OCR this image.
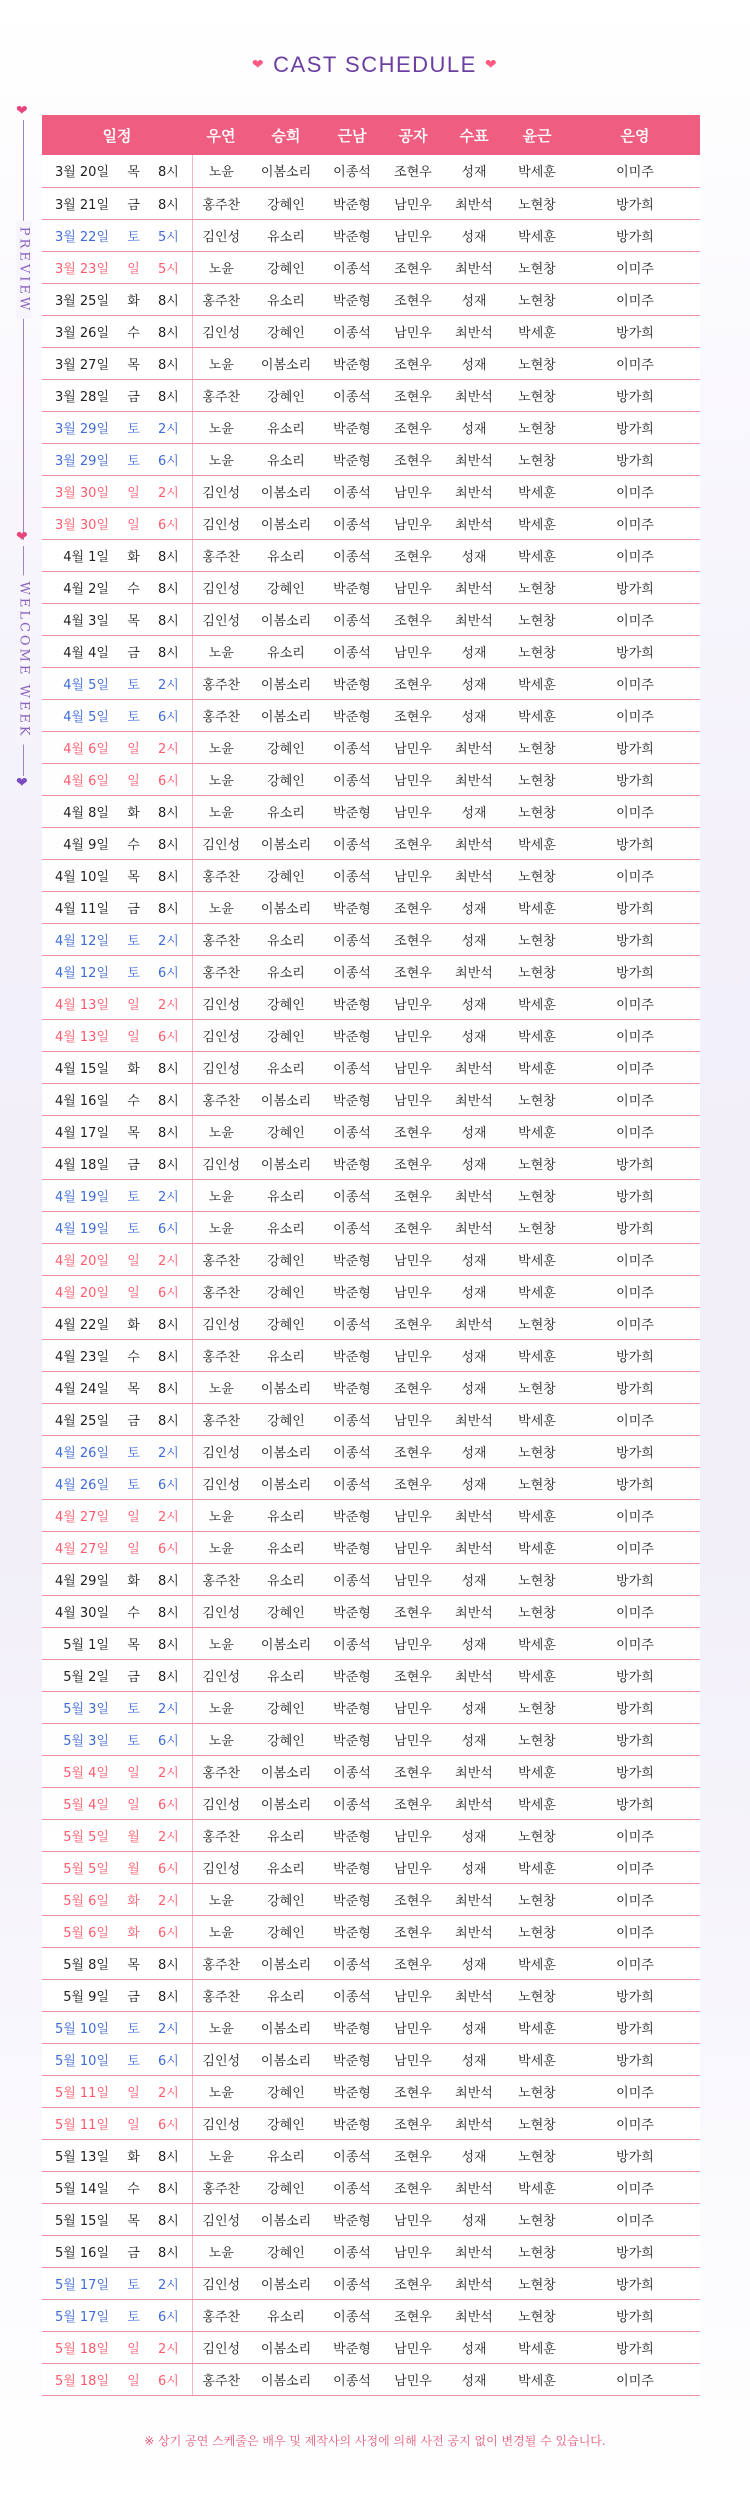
❤ CAST SCHEDULE ❤
❤
PREVIEW
❤
WELCOME WEEK
❤
일정			우연	승희	근남	공자	수표	윤근	은영
3월 20일	목	8시	노윤	이봄소리	이종석	조현우	성재	박세훈	이미주
3월 21일	금	8시	홍주찬	강혜인	박준형	남민우	최반석	노현창	방가희
3월 22일	토	5시	김인성	유소리	박준형	남민우	성재	박세훈	방가희
3월 23일	일	5시	노윤	강혜인	이종석	조현우	최반석	노현창	이미주
3월 25일	화	8시	홍주찬	유소리	박준형	조현우	성재	노현창	이미주
3월 26일	수	8시	김인성	강혜인	이종석	남민우	최반석	박세훈	방가희
3월 27일	목	8시	노윤	이봄소리	박준형	조현우	성재	노현창	이미주
3월 28일	금	8시	홍주찬	강혜인	이종석	조현우	최반석	노현창	방가희
3월 29일	토	2시	노윤	유소리	박준형	조현우	성재	노현창	방가희
3월 29일	토	6시	노윤	유소리	박준형	조현우	최반석	노현창	방가희
3월 30일	일	2시	김인성	이봄소리	이종석	남민우	최반석	박세훈	이미주
3월 30일	일	6시	김인성	이봄소리	이종석	남민우	최반석	박세훈	이미주
4월 1일	화	8시	홍주찬	유소리	이종석	조현우	성재	박세훈	이미주
4월 2일	수	8시	김인성	강혜인	박준형	남민우	최반석	노현창	방가희
4월 3일	목	8시	김인성	이봄소리	이종석	조현우	최반석	노현창	이미주
4월 4일	금	8시	노윤	유소리	이종석	남민우	성재	노현창	방가희
4월 5일	토	2시	홍주찬	이봄소리	박준형	조현우	성재	박세훈	이미주
4월 5일	토	6시	홍주찬	이봄소리	박준형	조현우	성재	박세훈	이미주
4월 6일	일	2시	노윤	강혜인	이종석	남민우	최반석	노현창	방가희
4월 6일	일	6시	노윤	강혜인	이종석	남민우	최반석	노현창	방가희
4월 8일	화	8시	노윤	유소리	박준형	남민우	성재	노현창	이미주
4월 9일	수	8시	김인성	이봄소리	이종석	조현우	최반석	박세훈	방가희
4월 10일	목	8시	홍주찬	강혜인	이종석	남민우	최반석	노현창	이미주
4월 11일	금	8시	노윤	이봄소리	박준형	조현우	성재	박세훈	방가희
4월 12일	토	2시	홍주찬	유소리	이종석	조현우	성재	노현창	방가희
4월 12일	토	6시	홍주찬	유소리	이종석	조현우	최반석	노현창	방가희
4월 13일	일	2시	김인성	강혜인	박준형	남민우	성재	박세훈	이미주
4월 13일	일	6시	김인성	강혜인	박준형	남민우	성재	박세훈	이미주
4월 15일	화	8시	김인성	유소리	이종석	남민우	최반석	박세훈	이미주
4월 16일	수	8시	홍주찬	이봄소리	박준형	남민우	최반석	노현창	이미주
4월 17일	목	8시	노윤	강혜인	이종석	조현우	성재	박세훈	이미주
4월 18일	금	8시	김인성	이봄소리	박준형	조현우	성재	노현창	방가희
4월 19일	토	2시	노윤	유소리	이종석	조현우	최반석	노현창	방가희
4월 19일	토	6시	노윤	유소리	이종석	조현우	최반석	노현창	방가희
4월 20일	일	2시	홍주찬	강혜인	박준형	남민우	성재	박세훈	이미주
4월 20일	일	6시	홍주찬	강혜인	박준형	남민우	성재	박세훈	이미주
4월 22일	화	8시	김인성	강혜인	이종석	조현우	최반석	노현창	이미주
4월 23일	수	8시	홍주찬	유소리	박준형	남민우	성재	박세훈	방가희
4월 24일	목	8시	노윤	이봄소리	박준형	조현우	성재	노현창	방가희
4월 25일	금	8시	홍주찬	강혜인	이종석	남민우	최반석	박세훈	이미주
4월 26일	토	2시	김인성	이봄소리	이종석	조현우	성재	노현창	방가희
4월 26일	토	6시	김인성	이봄소리	이종석	조현우	성재	노현창	방가희
4월 27일	일	2시	노윤	유소리	박준형	남민우	최반석	박세훈	이미주
4월 27일	일	6시	노윤	유소리	박준형	남민우	최반석	박세훈	이미주
4월 29일	화	8시	홍주찬	유소리	이종석	남민우	성재	노현창	방가희
4월 30일	수	8시	김인성	강혜인	박준형	조현우	최반석	노현창	이미주
5월 1일	목	8시	노윤	이봄소리	이종석	남민우	성재	박세훈	이미주
5월 2일	금	8시	김인성	유소리	박준형	조현우	최반석	박세훈	방가희
5월 3일	토	2시	노윤	강혜인	박준형	남민우	성재	노현창	방가희
5월 3일	토	6시	노윤	강혜인	박준형	남민우	성재	노현창	방가희
5월 4일	일	2시	홍주찬	이봄소리	이종석	조현우	최반석	박세훈	방가희
5월 4일	일	6시	김인성	이봄소리	이종석	조현우	최반석	박세훈	방가희
5월 5일	월	2시	홍주찬	유소리	박준형	남민우	성재	노현창	이미주
5월 5일	월	6시	김인성	유소리	박준형	남민우	성재	박세훈	이미주
5월 6일	화	2시	노윤	강혜인	박준형	조현우	최반석	노현창	이미주
5월 6일	화	6시	노윤	강혜인	박준형	조현우	최반석	노현창	이미주
5월 8일	목	8시	홍주찬	이봄소리	이종석	조현우	성재	박세훈	이미주
5월 9일	금	8시	홍주찬	유소리	이종석	남민우	최반석	노현창	방가희
5월 10일	토	2시	노윤	이봄소리	박준형	남민우	성재	박세훈	방가희
5월 10일	토	6시	김인성	이봄소리	박준형	남민우	성재	박세훈	방가희
5월 11일	일	2시	노윤	강혜인	박준형	조현우	최반석	노현창	이미주
5월 11일	일	6시	김인성	강혜인	박준형	조현우	최반석	노현창	이미주
5월 13일	화	8시	노윤	유소리	이종석	조현우	성재	노현창	방가희
5월 14일	수	8시	홍주찬	강혜인	이종석	조현우	최반석	박세훈	이미주
5월 15일	목	8시	김인성	이봄소리	박준형	남민우	성재	노현창	이미주
5월 16일	금	8시	노윤	강혜인	이종석	남민우	최반석	노현창	방가희
5월 17일	토	2시	김인성	이봄소리	이종석	조현우	최반석	노현창	방가희
5월 17일	토	6시	홍주찬	유소리	이종석	조현우	최반석	노현창	방가희
5월 18일	일	2시	김인성	이봄소리	박준형	남민우	성재	박세훈	방가희
5월 18일	일	6시	홍주찬	이봄소리	이종석	남민우	성재	박세훈	이미주
※ 상기 공연 스케줄은 배우 및 제작사의 사정에 의해 사전 공지 없이 변경될 수 있습니다.
